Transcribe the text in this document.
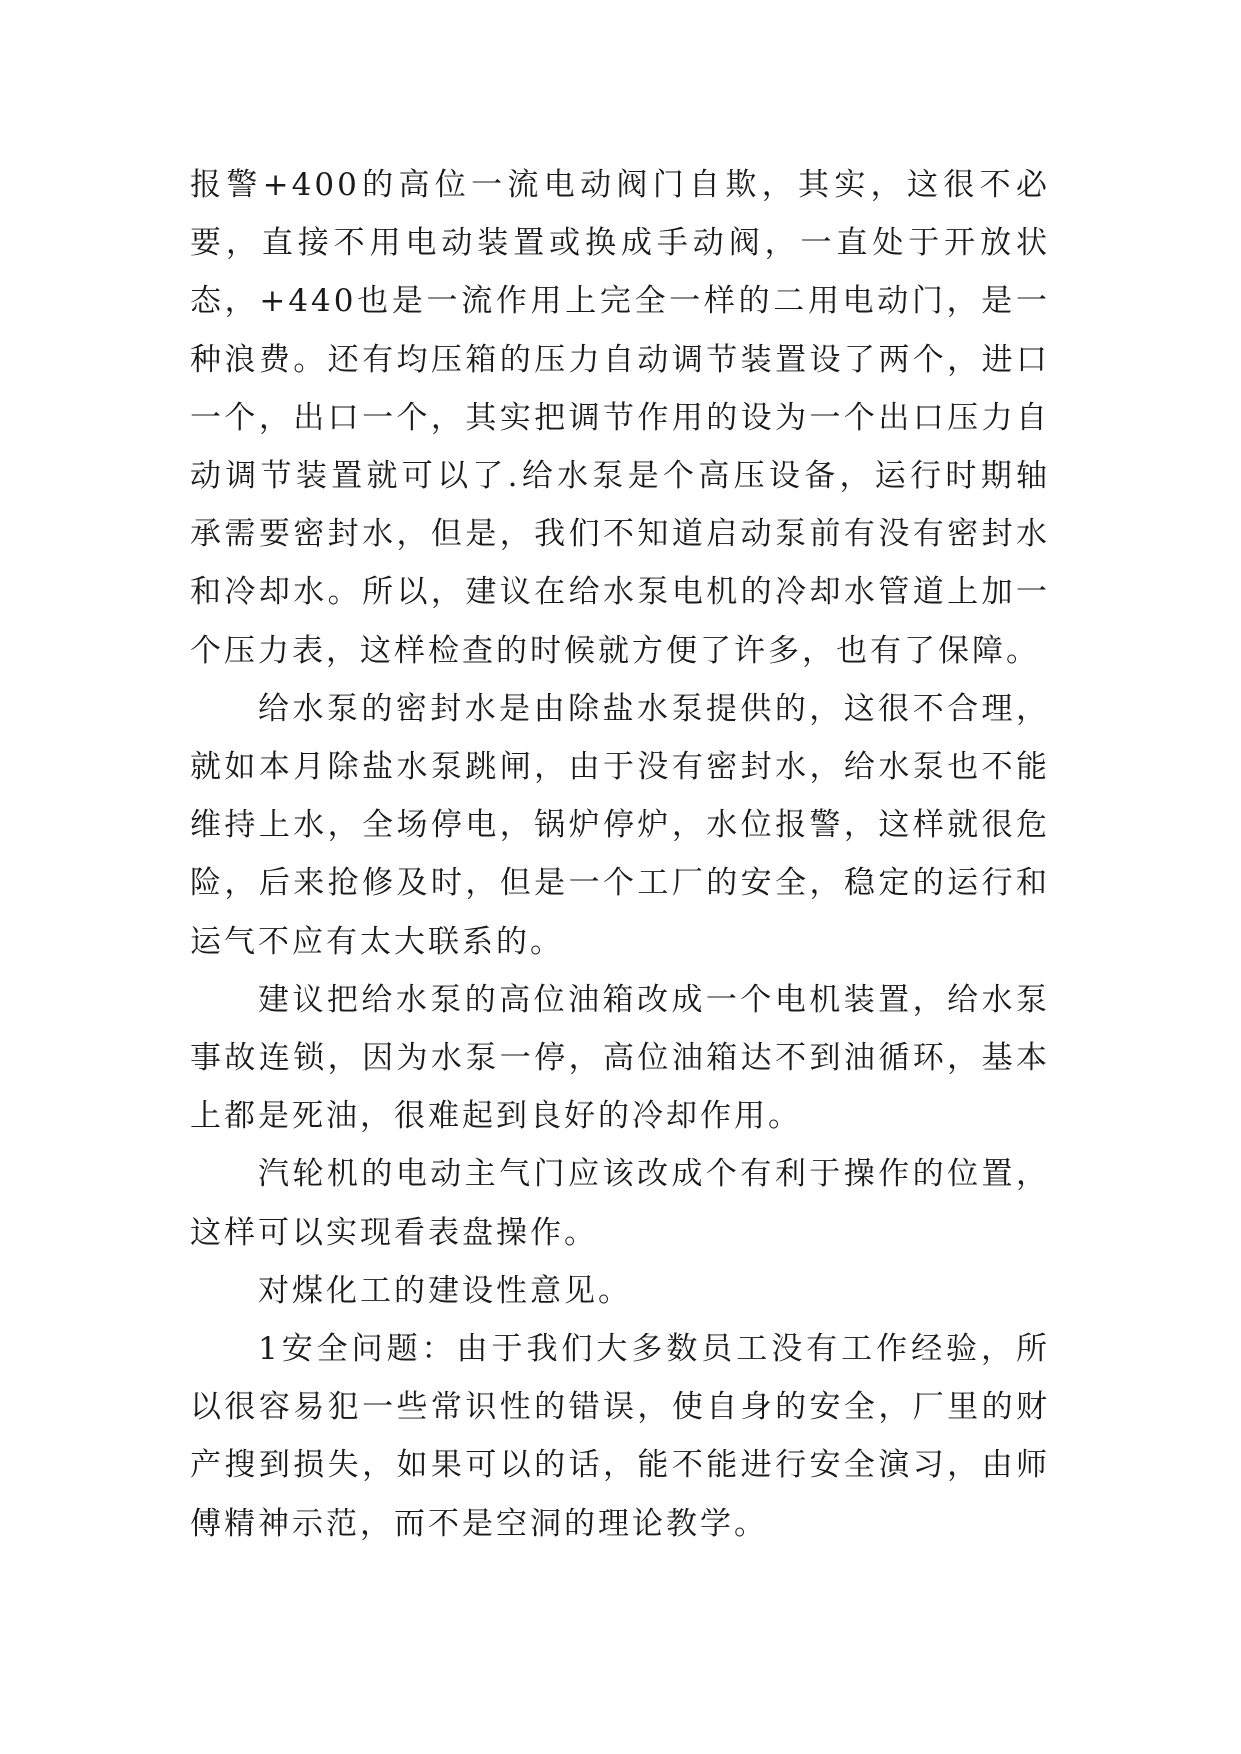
报警+400的高位一流电动阀门自欺，其实，这很不必要，直接不用电动装置或换成手动阀，一直处于开放状态，+440也是一流作用上完全一样的二用电动门，是一种浪费。还有均压箱的压力自动调节装置设了两个，进口一个，出口一个，其实把调节作用的设为一个出口压力自动调节装置就可以了.给水泵是个高压设备，运行时期轴承需要密封水，但是，我们不知道启动泵前有没有密封水和冷却水。所以，建议在给水泵电机的冷却水管道上加一个压力表，这样检查的时候就方便了许多，也有了保障。

给水泵的密封水是由除盐水泵提供的，这很不合理，就如本月除盐水泵跳闸，由于没有密封水，给水泵也不能维持上水，全场停电，锅炉停炉，水位报警，这样就很危险，后来抢修及时，但是一个工厂的安全，稳定的运行和运气不应有太大联系的。

建议把给水泵的高位油箱改成一个电机装置，给水泵事故连锁，因为水泵一停，高位油箱达不到油循环，基本上都是死油，很难起到良好的冷却作用。

汽轮机的电动主气门应该改成个有利于操作的位置，这样可以实现看表盘操作。

对煤化工的建设性意见。

1安全问题：由于我们大多数员工没有工作经验，所以很容易犯一些常识性的错误，使自身的安全，厂里的财产搜到损失，如果可以的话，能不能进行安全演习，由师傅精神示范，而不是空洞的理论教学。
